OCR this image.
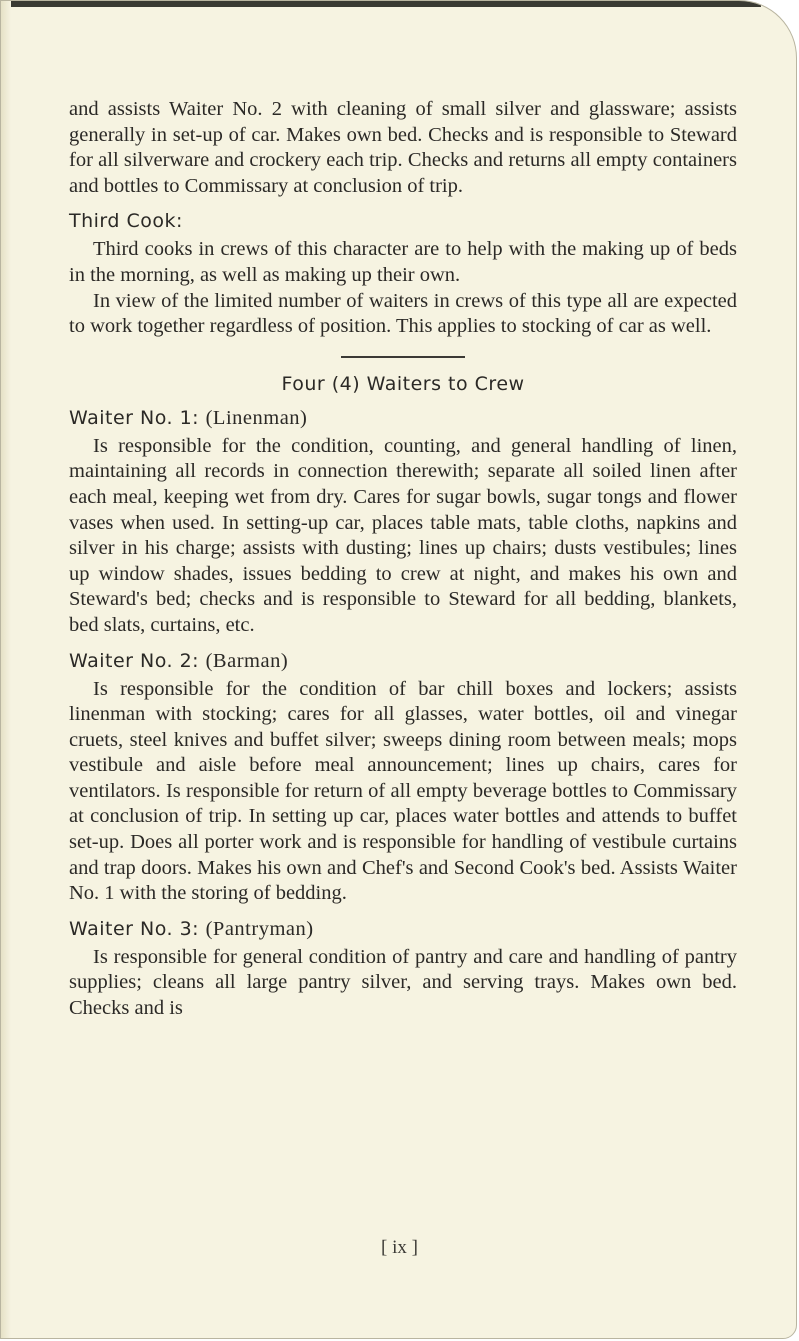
and assists Waiter No. 2 with cleaning of small silver and glassware; assists generally in set-up of car. Makes own bed. Checks and is responsible to Steward for all silverware and crockery each trip. Checks and returns all empty containers and bottles to Commissary at conclusion of trip.

Third Cook:

Third cooks in crews of this character are to help with the making up of beds in the morning, as well as making up their own.

In view of the limited number of waiters in crews of this type all are expected to work together regardless of position. This applies to stocking of car as well.

Four (4) Waiters to Crew
Waiter No. 1: (Linenman)

Is responsible for the condition, counting, and general handling of linen, maintaining all records in connection therewith; separate all soiled linen after each meal, keeping wet from dry. Cares for sugar bowls, sugar tongs and flower vases when used. In setting-up car, places table mats, table cloths, napkins and silver in his charge; assists with dusting; lines up chairs; dusts vestibules; lines up window shades, issues bedding to crew at night, and makes his own and Steward's bed; checks and is responsible to Steward for all bedding, blankets, bed slats, curtains, etc.

Waiter No. 2: (Barman)

Is responsible for the condition of bar chill boxes and lockers; assists linenman with stocking; cares for all glasses, water bottles, oil and vinegar cruets, steel knives and buffet silver; sweeps dining room between meals; mops vestibule and aisle before meal announcement; lines up chairs, cares for ventilators. Is responsible for return of all empty beverage bottles to Commissary at conclusion of trip. In setting up car, places water bottles and attends to buffet set-up. Does all porter work and is responsible for handling of vestibule curtains and trap doors. Makes his own and Chef's and Second Cook's bed. Assists Waiter No. 1 with the storing of bedding.

Waiter No. 3: (Pantryman)

Is responsible for general condition of pantry and care and handling of pantry supplies; cleans all large pantry silver, and serving trays. Makes own bed. Checks and is

[ ix ]
